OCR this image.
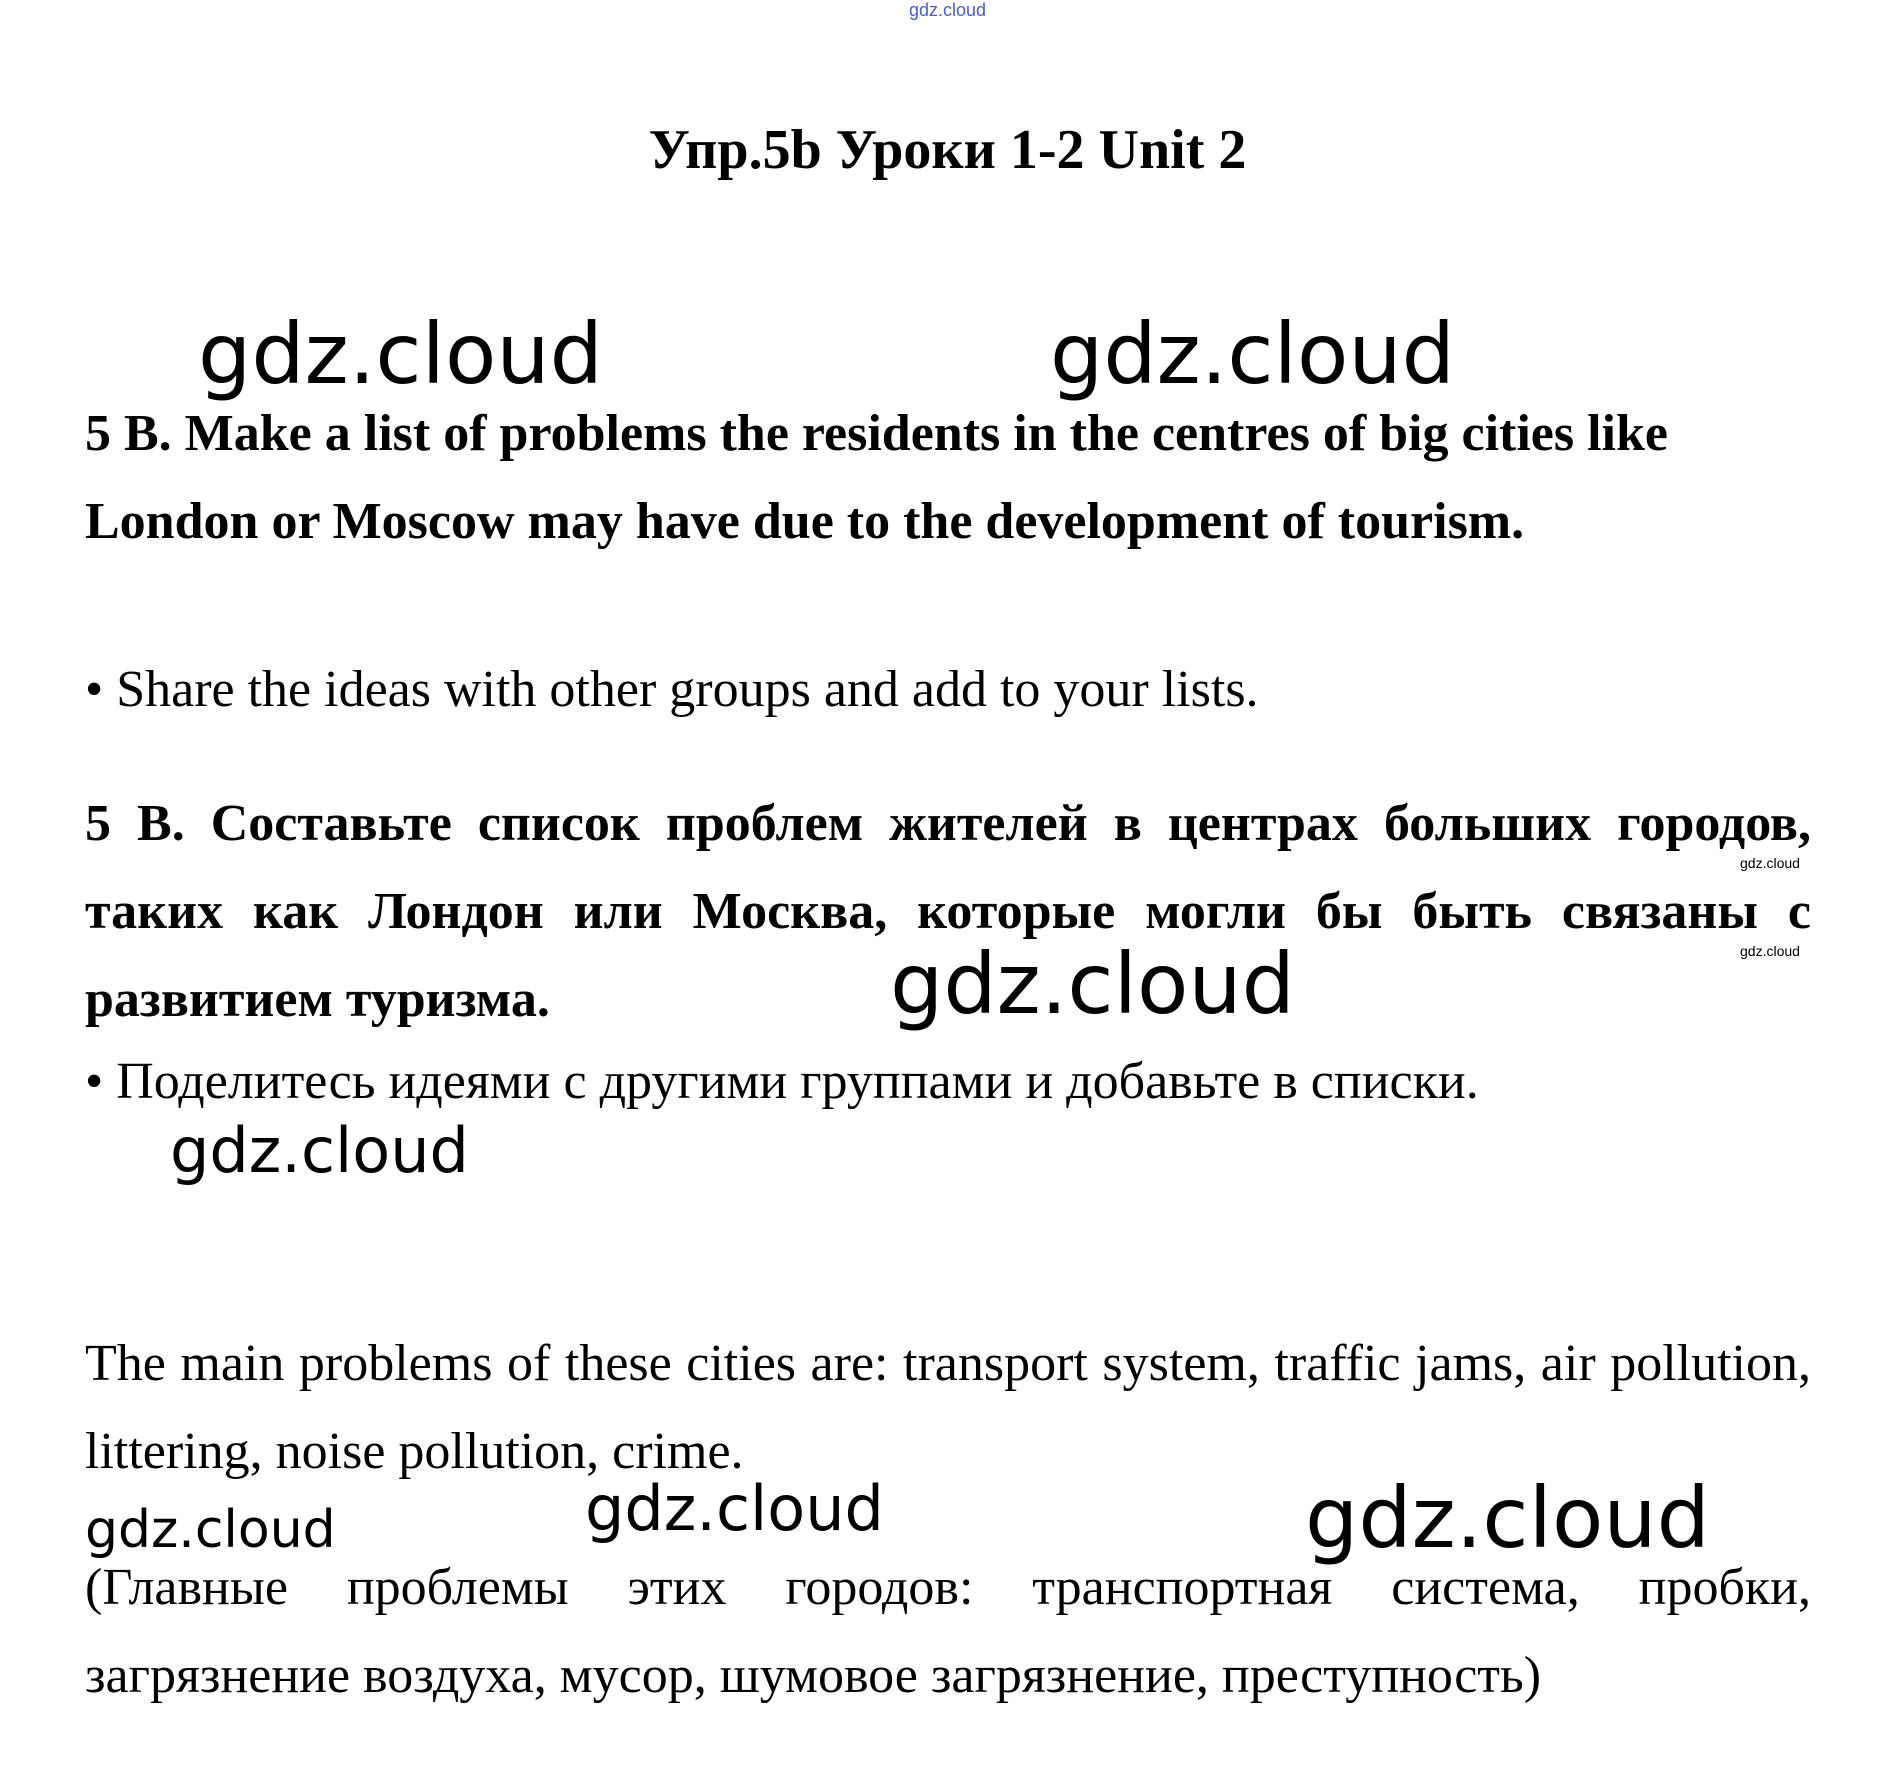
gdz.cloud
Упр.5b Уроки 1-2 Unit 2
gdz.cloud	gdz.cloud

5 B. Make a list of problems the residents in the centres of big cities like London or Moscow may have due to the development of tourism.

• Share the ideas with other groups and add to your lists.

5 B. Составьте список проблем жителей в центрах больших городов, таких как Лондон или Москва, которые могли бы быть связаны с развитием туризма.

gdz.cloud
gdz.cloud
gdz.cloud

• Поделитесь идеями с другими группами и добавьте в списки.

gdz.cloud

The main problems of these cities are: transport system, traffic jams, air pollution, littering, noise pollution, crime.

gdz.cloud	gdz.cloud

(Главные проблемы этих городов: транспортная система, пробки, загрязнение воздуха, мусор, шумовое загрязнение, преступность)

gdz.cloud
